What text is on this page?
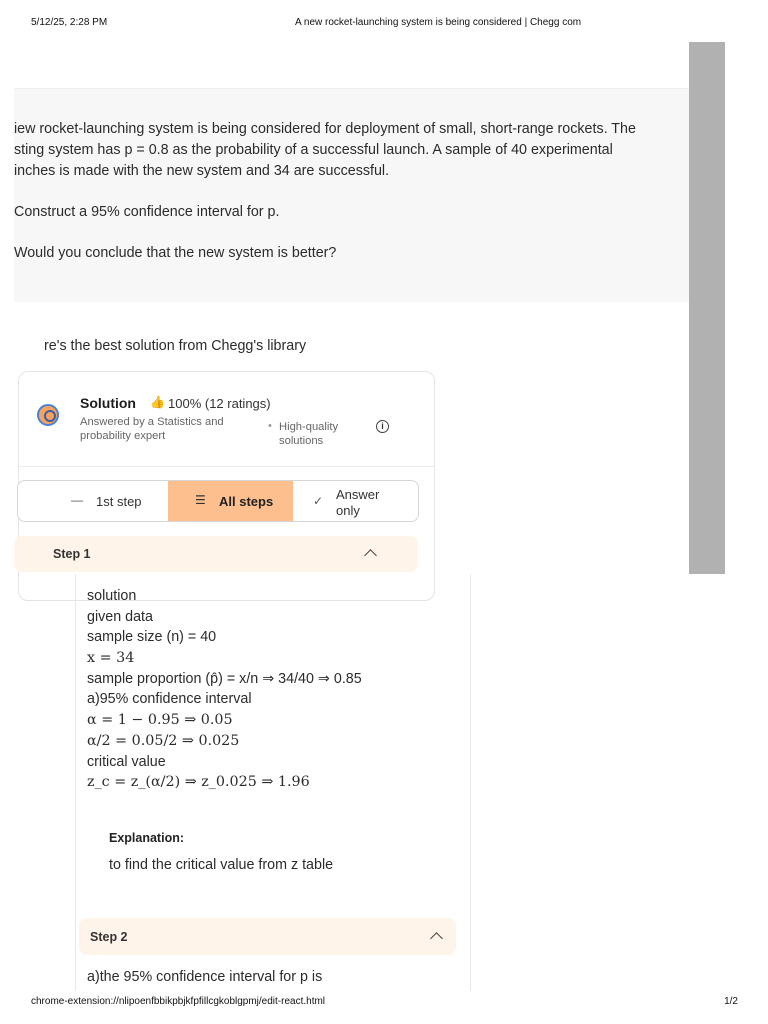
5/12/25, 2:28 PM	A new rocket-launching system is being considered | Chegg com

iew rocket-launching system is being considered for deployment of small, short-range rockets. The

sting system has p = 0.8 as the probability of a successful launch. A sample of 40 experimental

inches is made with the new system and 34 are successful.

Construct a 95% confidence interval for p.

Would you conclude that the new system is better?

re's the best solution from Chegg's library
Solution 👍 100% (12 ratings)
Answered by a Statistics and probability expert
• High-quality solutions
i
— 1st step	☰ All steps	✓ Answer only
Step 1
solution
given data
sample size (n) = 40
x = 34
sample proportion (p̂) = x/n ⇒ 34/40 ⇒ 0.85
a)95% confidence interval
α = 1 − 0.95 ⇒ 0.05
α/2 = 0.05/2 ⇒ 0.025
critical value
z_c = z_(α/2) ⇒ z_0.025 ⇒ 1.96
Explanation:
to find the critical value from z table
Step 2
a)the 95% confidence interval for p is
chrome-extension://nlipoenfbbikpbjkfpfillcgkoblgpmj/edit-react.html	1/2
